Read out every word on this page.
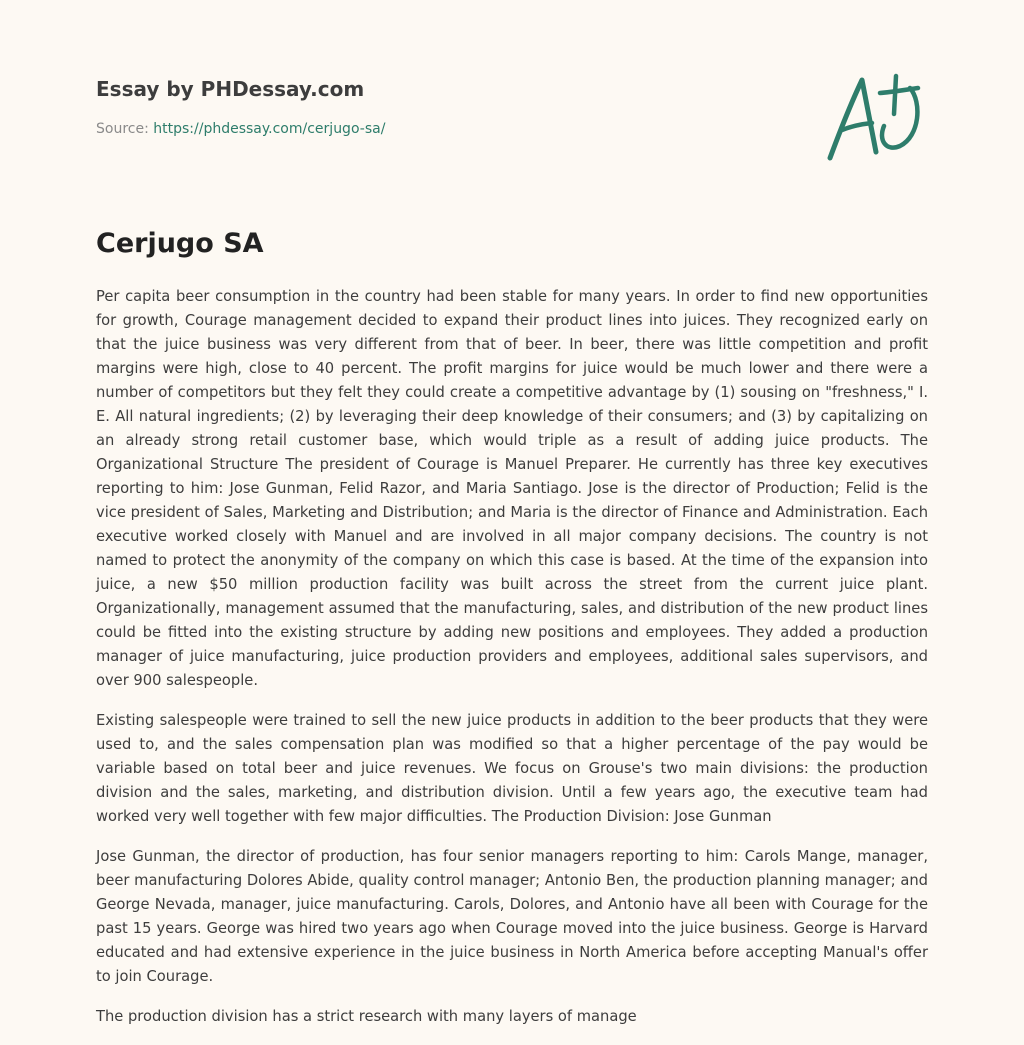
Essay by PHDessay.com
Source: https://phdessay.com/cerjugo-sa/
Cerjugo SA

Per capita beer consumption in the country had been stable for many years. In order to find new opportunities for growth, Courage management decided to expand their product lines into juices. They recognized early on that the juice business was very different from that of beer. In beer, there was little competition and profit margins were high, close to 40 percent. The profit margins for juice would be much lower and there were a number of competitors but they felt they could create a competitive advantage by (1) sousing on "freshness," I. E. All natural ingredients; (2) by leveraging their deep knowledge of their consumers; and (3) by capitalizing on an already strong retail customer base, which would triple as a result of adding juice products. The Organizational Structure The president of Courage is Manuel Preparer. He currently has three key executives reporting to him: Jose Gunman, Felid Razor, and Maria Santiago. Jose is the director of Production; Felid is the vice president of Sales, Marketing and Distribution; and Maria is the director of Finance and Administration. Each executive worked closely with Manuel and are involved in all major company decisions. The country is not named to protect the anonymity of the company on which this case is based. At the time of the expansion into juice, a new $50 million production facility was built across the street from the current juice plant. Organizationally, management assumed that the manufacturing, sales, and distribution of the new product lines could be fitted into the existing structure by adding new positions and employees. They added a production manager of juice manufacturing, juice production providers and employees, additional sales supervisors, and over 900 salespeople.

Existing salespeople were trained to sell the new juice products in addition to the beer products that they were used to, and the sales compensation plan was modified so that a higher percentage of the pay would be variable based on total beer and juice revenues. We focus on Grouse's two main divisions: the production division and the sales, marketing, and distribution division. Until a few years ago, the executive team had worked very well together with few major difficulties. The Production Division: Jose Gunman

Jose Gunman, the director of production, has four senior managers reporting to him: Carols Mange, manager, beer manufacturing Dolores Abide, quality control manager; Antonio Ben, the production planning manager; and George Nevada, manager, juice manufacturing. Carols, Dolores, and Antonio have all been with Courage for the past 15 years. George was hired two years ago when Courage moved into the juice business. George is Harvard educated and had extensive experience in the juice business in North America before accepting Manual's offer to join Courage.

The production division has a strict research with many layers of manage
